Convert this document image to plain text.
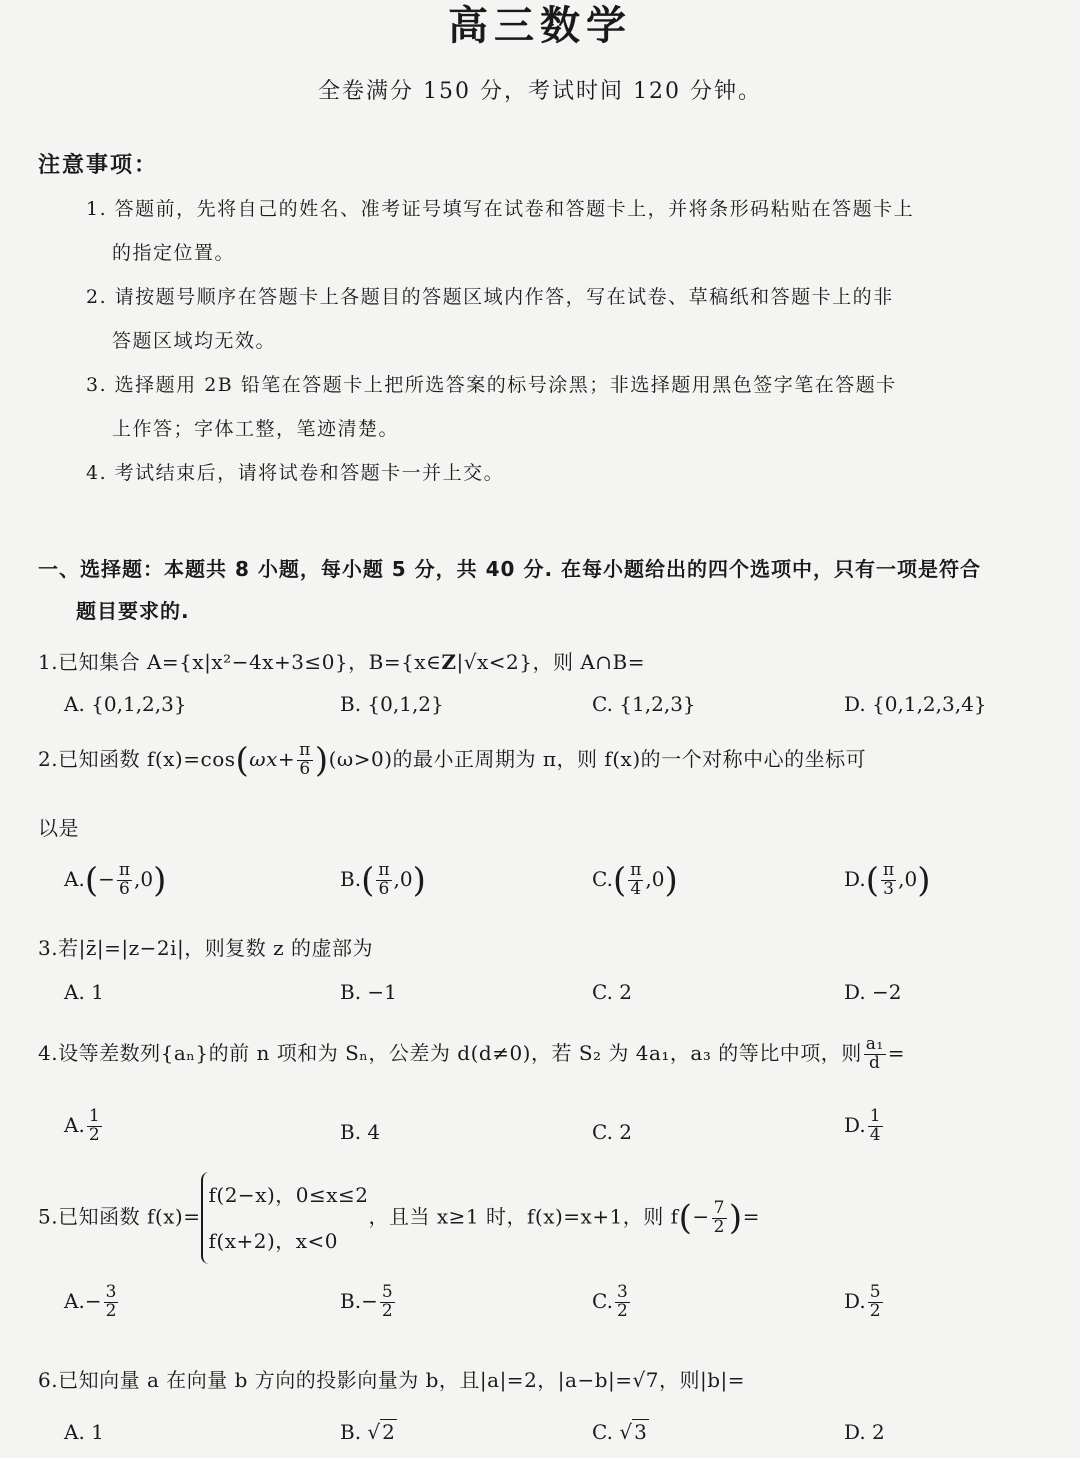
高三数学
全卷满分 150 分，考试时间 120 分钟。
注意事项：
1. 答题前，先将自己的姓名、准考证号填写在试卷和答题卡上，并将条形码粘贴在答题卡上
的指定位置。
2. 请按题号顺序在答题卡上各题目的答题区域内作答，写在试卷、草稿纸和答题卡上的非
答题区域均无效。
3. 选择题用 2B 铅笔在答题卡上把所选答案的标号涂黑；非选择题用黑色签字笔在答题卡
上作答；字体工整，笔迹清楚。
4. 考试结束后，请将试卷和答题卡一并上交。
一、选择题：本题共 8 小题，每小题 5 分，共 40 分. 在每小题给出的四个选项中，只有一项是符合
题目要求的.
1.已知集合 A={x|x²−4x+3≤0}，B={x∈Z|√x<2}，则 A∩B=
A. {0,1,2,3}	B. {0,1,2}	C. {1,2,3}	D. {0,1,2,3,4}
2.已知函数 $f(x)=\cos(\omega x+ \frac{\pi}{6} )(\omega>0)$的最小正周期为 π，则 f(x)的一个对称中心的坐标可
以是
$A.(- \frac{\pi}{6} ,0)$	$B.( \frac{\pi}{6} ,0)$	$C.( \frac{\pi}{4} ,0)$	$D.( \frac{\pi}{3} ,0)$
3.若|z̄|=|z−2i|，则复数 z 的虚部为
A. 1	B. −1	C. 2	D. −2
4.设等差数列{aₙ}的前 n 项和为 Sₙ，公差为 d(d≠0)，若 S₂ 为 4a₁，a₃ 的等比中项，则 $\frac{\text{a₁}}{d}$ =
A. $\frac{1}{2}$	B. 4	C. 2	D. $\frac{1}{4}$
5.已知函数 f(x)=
f(2−x)，0≤x≤2
f(x+2)，x<0
，且当 x≥1 时，f(x)=x+1，则 $f(- \frac{7}{2}$ )=
$A.- \frac{3}{2}$	$B.- \frac{5}{2}$	C. $\frac{3}{2}$	D. $\frac{5}{2}$
6.已知向量 a 在向量 b 方向的投影向量为 b，且|a|=2，|a−b|=√7，则|b|=
A. 1	B. √ 2	C. √ 3	D. 2
